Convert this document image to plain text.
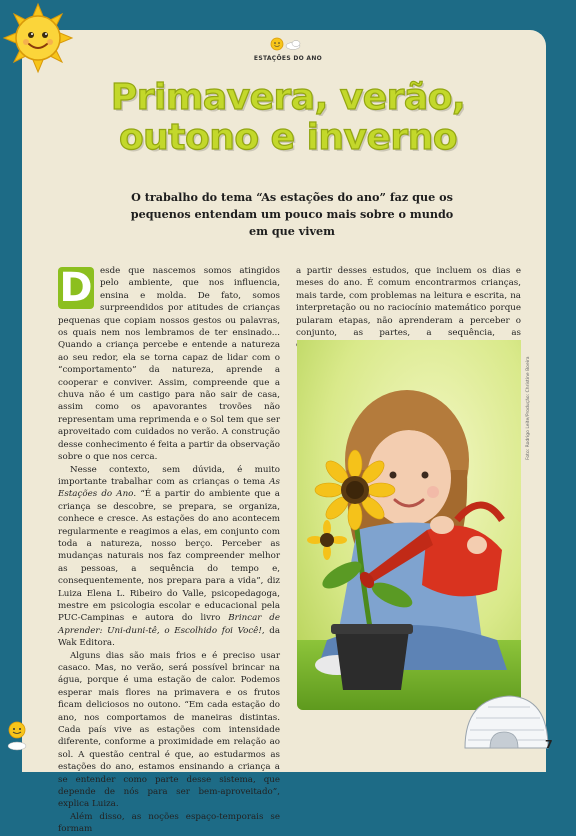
ESTAÇÕES DO ANO
Primavera, verão,
outono e inverno
O trabalho do tema “As estações do ano” faz que os pequenos entendam um pouco mais sobre o mundo em que vivem

D esde que nascemos somos atingidos pelo ambiente, que nos influencia, ensina e molda. De fato, somos surpreendidos por atitudes de crianças pequenas que copiam nossos gestos ou palavras, os quais nem nos lembramos de ter ensinado... Quando a criança percebe e entende a natureza ao seu redor, ela se torna capaz de lidar com o “comportamento” da natureza, aprende a cooperar e conviver. Assim, compreende que a chuva não é um castigo para não sair de casa, assim como os apavorantes trovões não representam uma reprimenda e o Sol tem que ser aproveitado com cuidados no verão. A construção desse conhecimento é feita a partir da observação sobre o que nos cerca.

Nesse contexto, sem dúvida, é muito importante trabalhar com as crianças o tema As Estações do Ano. “É a partir do ambiente que a criança se descobre, se prepara, se organiza, conhece e cresce. As estações do ano acontecem regularmente e reagimos a elas, em conjunto com toda a natureza, nosso berço. Perceber as mudanças naturais nos faz compreender melhor as pessoas, a sequência do tempo e, consequentemente, nos prepara para a vida”, diz Luiza Elena L. Ribeiro do Valle, psicopedagoga, mestre em psicologia escolar e educacional pela PUC-Campinas e autora do livro Brincar de Aprender: Uni-duni-tê, o Escolhido foi Você!, da Wak Editora.

Alguns dias são mais frios e é preciso usar casaco. Mas, no verão, será possível brincar na água, porque é uma estação de calor. Podemos esperar mais flores na primavera e os frutos ficam deliciosos no outono. “Em cada estação do ano, nos comportamos de maneiras distintas. Cada país vive as estações com intensidade diferente, conforme a proximidade em relação ao sol. A questão central é que, ao estudarmos as estações do ano, estamos ensinando a criança a se entender como parte desse sistema, que depende de nós para ser bem-aproveitado”, explica Luiza.

Além disso, as noções espaço-temporais se formam

a partir desses estudos, que incluem os dias e meses do ano. É comum encontrarmos crianças, mais tarde, com problemas na leitura e escrita, na interpretação ou no raciocínio matemático porque pularam etapas, não aprenderam a perceber o conjunto, as partes, a sequência, as

Foto: Rodrigo Leite/Produção: Christine Boeira
7
